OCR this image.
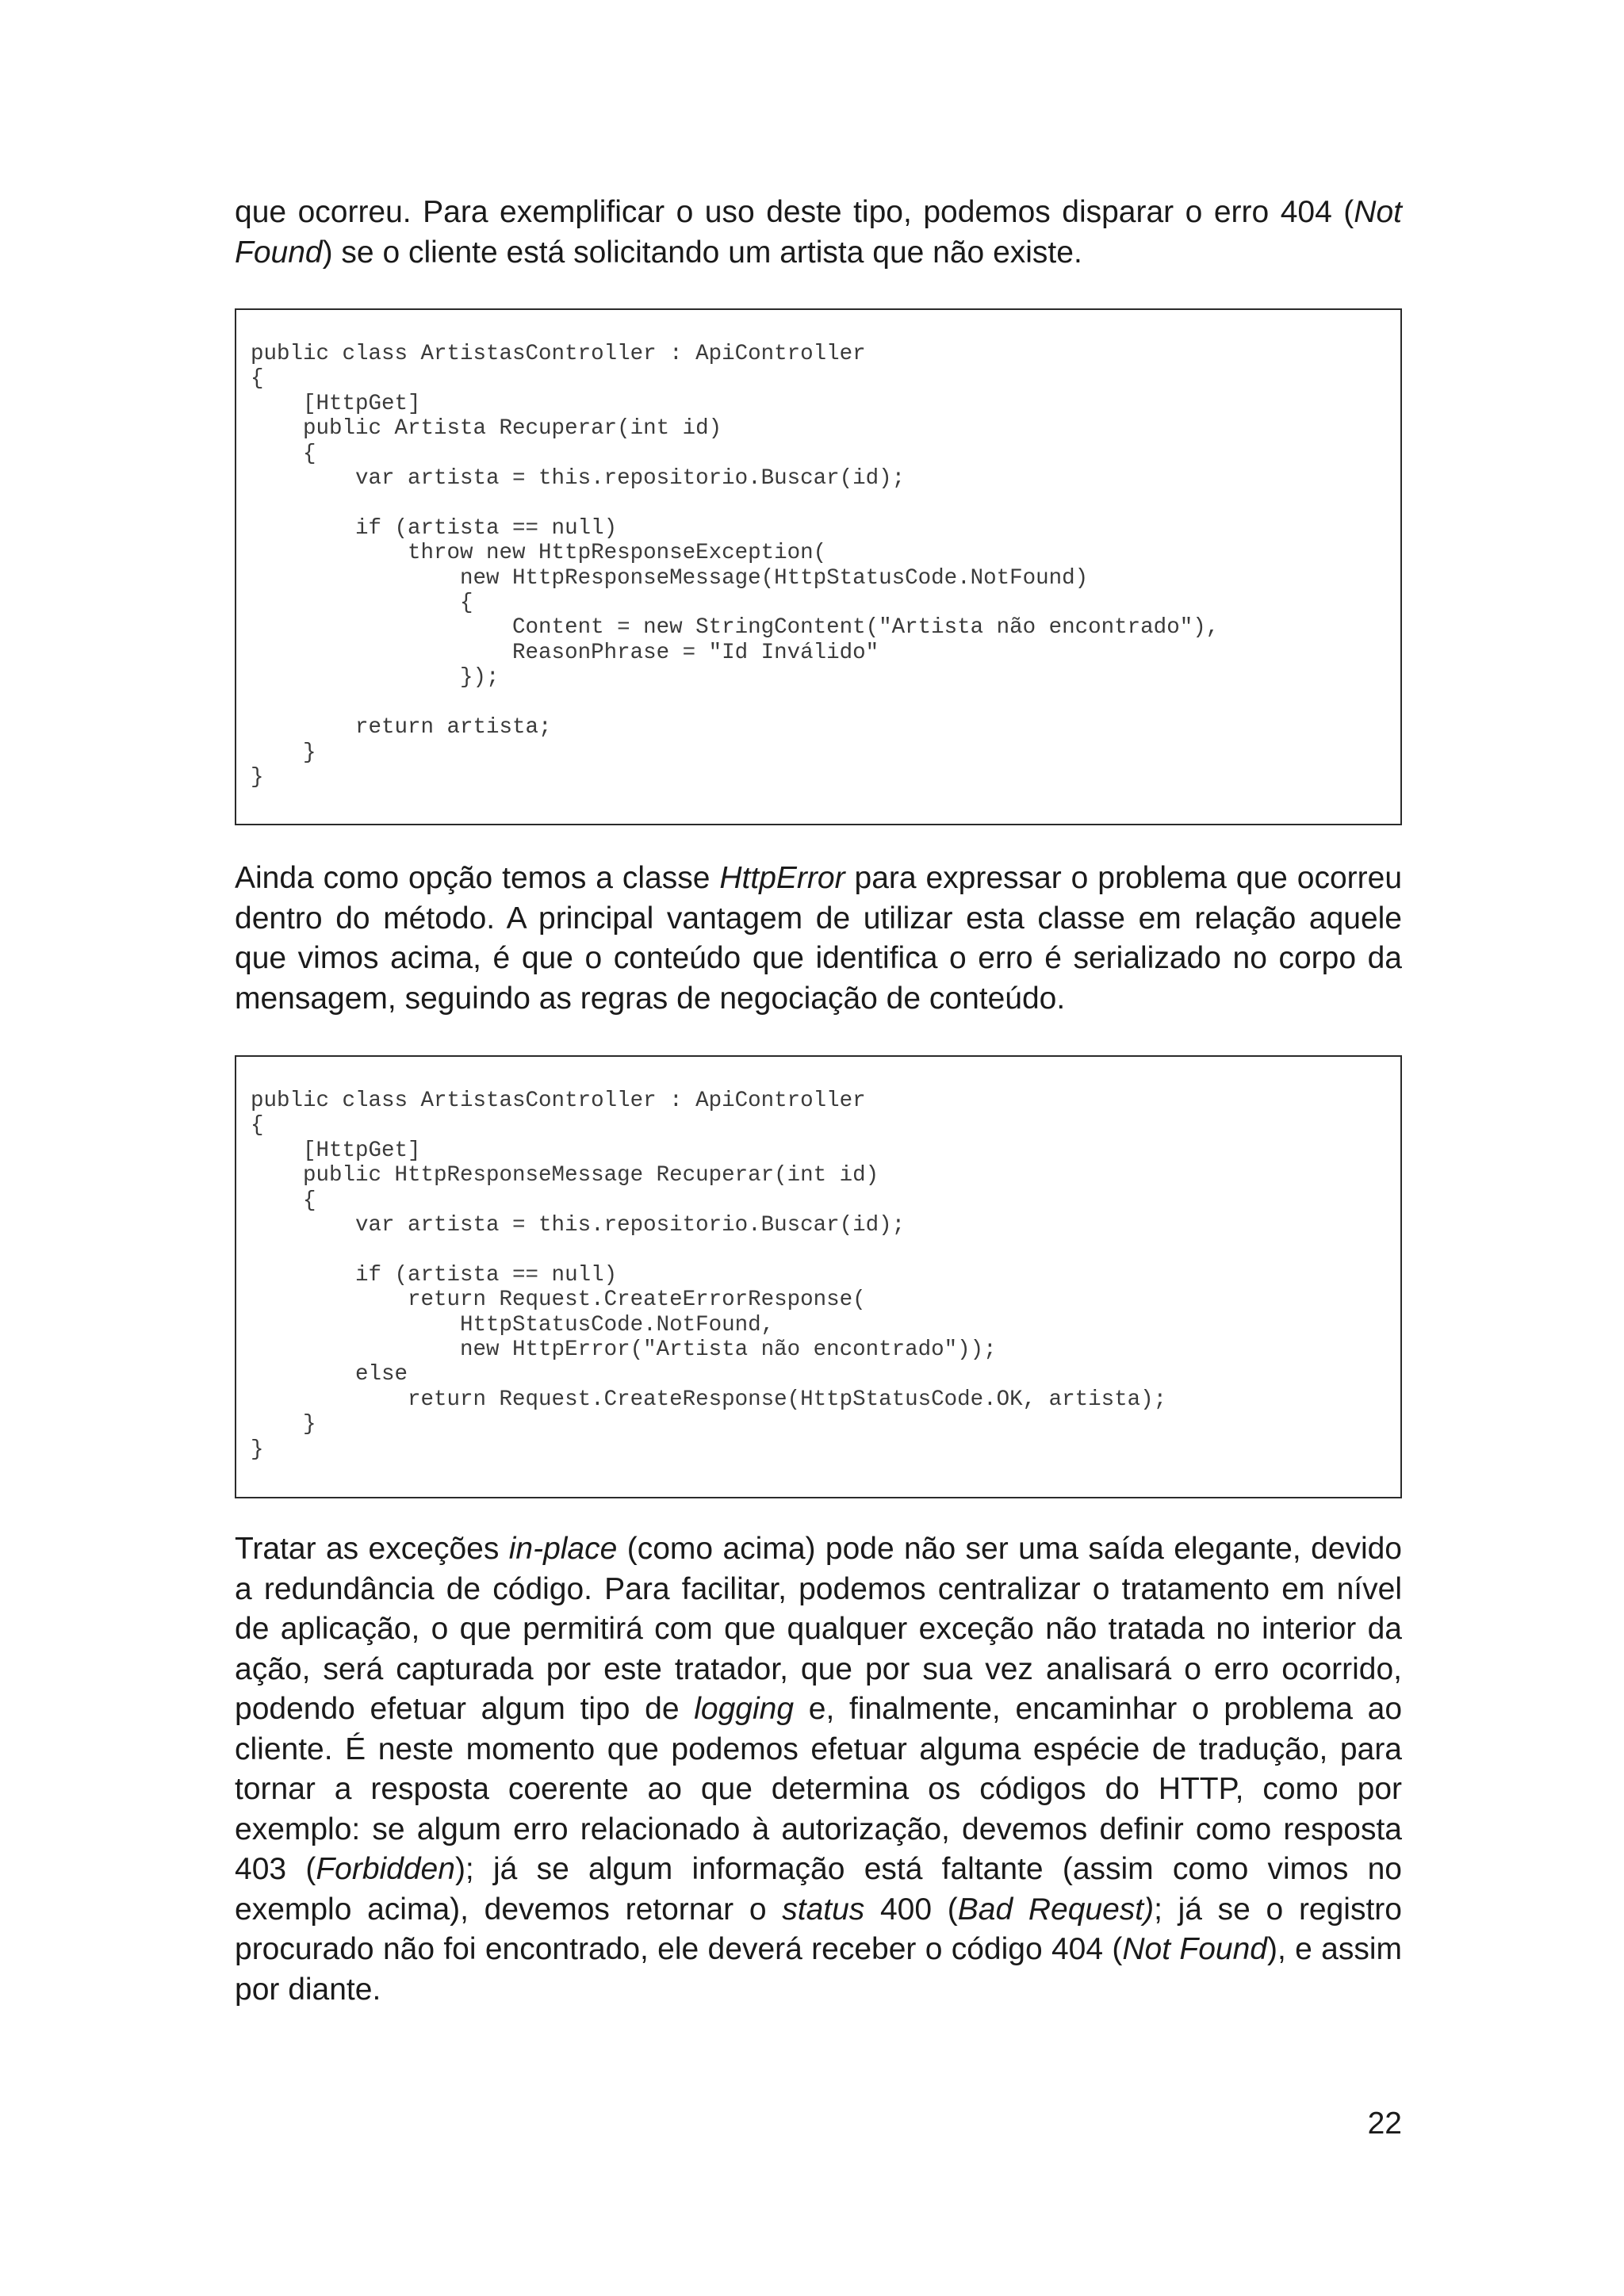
que ocorreu. Para exemplificar o uso deste tipo, podemos disparar o erro 404 (Not Found) se o cliente está solicitando um artista que não existe.

public class ArtistasController : ApiController
{
[HttpGet]
public Artista Recuperar(int id)
{
var artista = this.repositorio.Buscar(id);

if (artista == null)
throw new HttpResponseException(
new HttpResponseMessage(HttpStatusCode.NotFound)
{
Content = new StringContent("Artista não encontrado"),
ReasonPhrase = "Id Inválido"
});

return artista;
}
}

Ainda como opção temos a classe HttpError para expressar o problema que ocorreu dentro do método. A principal vantagem de utilizar esta classe em relação aquele que vimos acima, é que o conteúdo que identifica o erro é serializado no corpo da mensagem, seguindo as regras de negociação de conteúdo.

public class ArtistasController : ApiController
{
[HttpGet]
public HttpResponseMessage Recuperar(int id)
{
var artista = this.repositorio.Buscar(id);

if (artista == null)
return Request.CreateErrorResponse(
HttpStatusCode.NotFound,
new HttpError("Artista não encontrado"));
else
return Request.CreateResponse(HttpStatusCode.OK, artista);
}
}

Tratar as exceções in-place (como acima) pode não ser uma saída elegante, devido a redundância de código. Para facilitar, podemos centralizar o tratamento em nível de aplicação, o que permitirá com que qualquer exceção não tratada no interior da ação, será capturada por este tratador, que por sua vez analisará o erro ocorrido, podendo efetuar algum tipo de logging e, finalmente, encaminhar o problema ao cliente. É neste momento que podemos efetuar alguma espécie de tradução, para tornar a resposta coerente ao que determina os códigos do HTTP, como por exemplo: se algum erro relacionado à autorização, devemos definir como resposta 403 (Forbidden); já se algum informação está faltante (assim como vimos no exemplo acima), devemos retornar o status 400 (Bad Request); já se o registro procurado não foi encontrado, ele deverá receber o código 404 (Not Found), e assim por diante.

22
